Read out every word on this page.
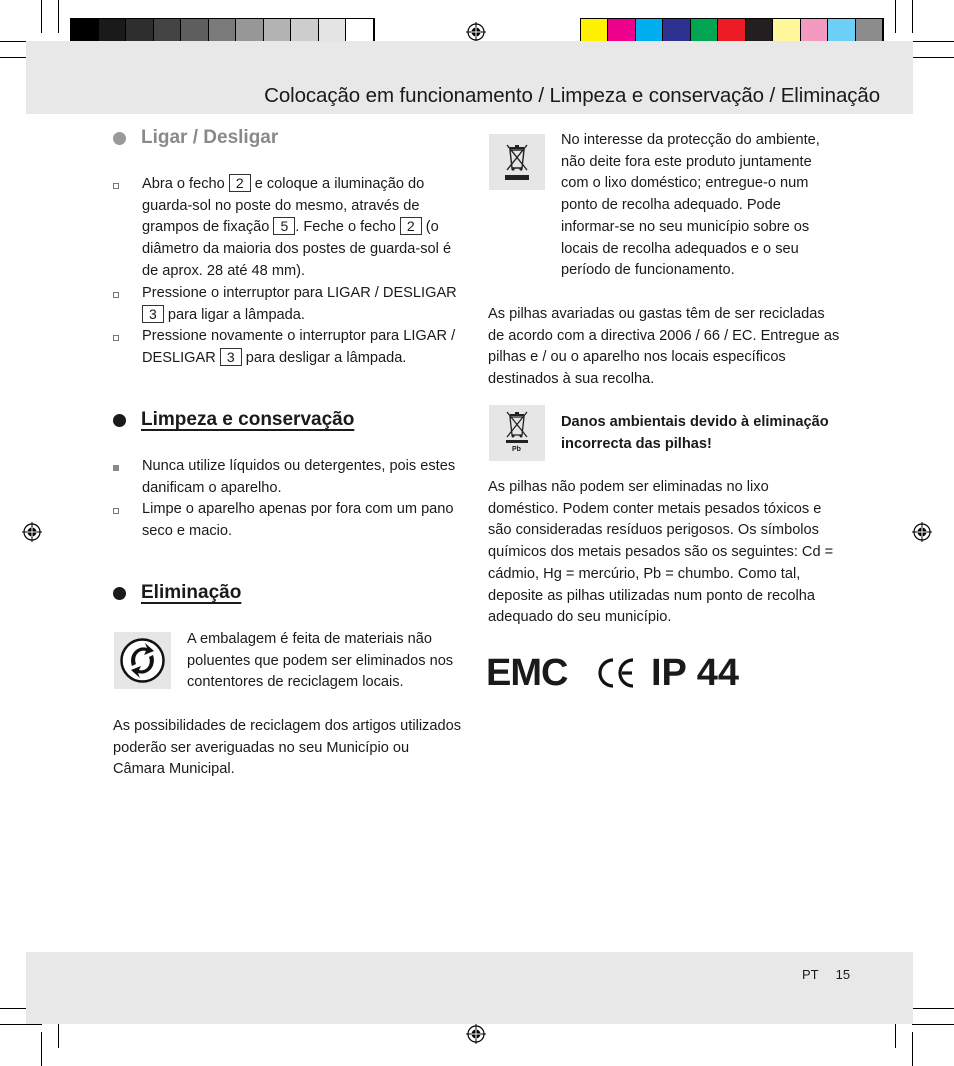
Colocação em funcionamento / Limpeza e conservação / Eliminação
Ligar / Desligar
Abra o fecho 2 e coloque a iluminação do guarda-sol no poste do mesmo, através de grampos de fixação 5 . Feche o fecho 2 (o diâmetro da maioria dos postes de guarda-sol é de aprox. 28 até 48 mm).
Pressione o interruptor para LIGAR / DESLIGAR 3 para ligar a lâmpada.
Pressione novamente o interruptor para LIGAR / DESLIGAR 3 para desligar a lâmpada.
Limpeza e conservação
Nunca utilize líquidos ou detergentes, pois estes danificam o aparelho.
Limpe o aparelho apenas por fora com um pano seco e macio.
Eliminação
A embalagem é feita de materiais não poluentes que podem ser eliminados nos contentores de reciclagem locais.
As possibilidades de reciclagem dos artigos utilizados poderão ser averiguadas no seu Município ou Câmara Municipal.
No interesse da protecção do ambiente, não deite fora este produto juntamente com o lixo doméstico; entregue-o num ponto de recolha adequado. Pode informar-se no seu município sobre os locais de recolha adequados e o seu período de funcionamento.
As pilhas avariadas ou gastas têm de ser recicladas de acordo com a directiva 2006 / 66 / EC. Entregue as pilhas e / ou o aparelho nos locais específicos destinados à sua recolha.
Pb
Danos ambientais devido à eliminação incorrecta das pilhas!
As pilhas não podem ser eliminadas no lixo doméstico. Podem conter metais pesados tóxicos e são consideradas resíduos perigosos. Os símbolos químicos dos metais pesados são os seguintes: Cd = cádmio, Hg = mercúrio, Pb = chumbo. Como tal, deposite as pilhas utilizadas num ponto de recolha adequado do seu município.
EMC IP 44
PT 15
